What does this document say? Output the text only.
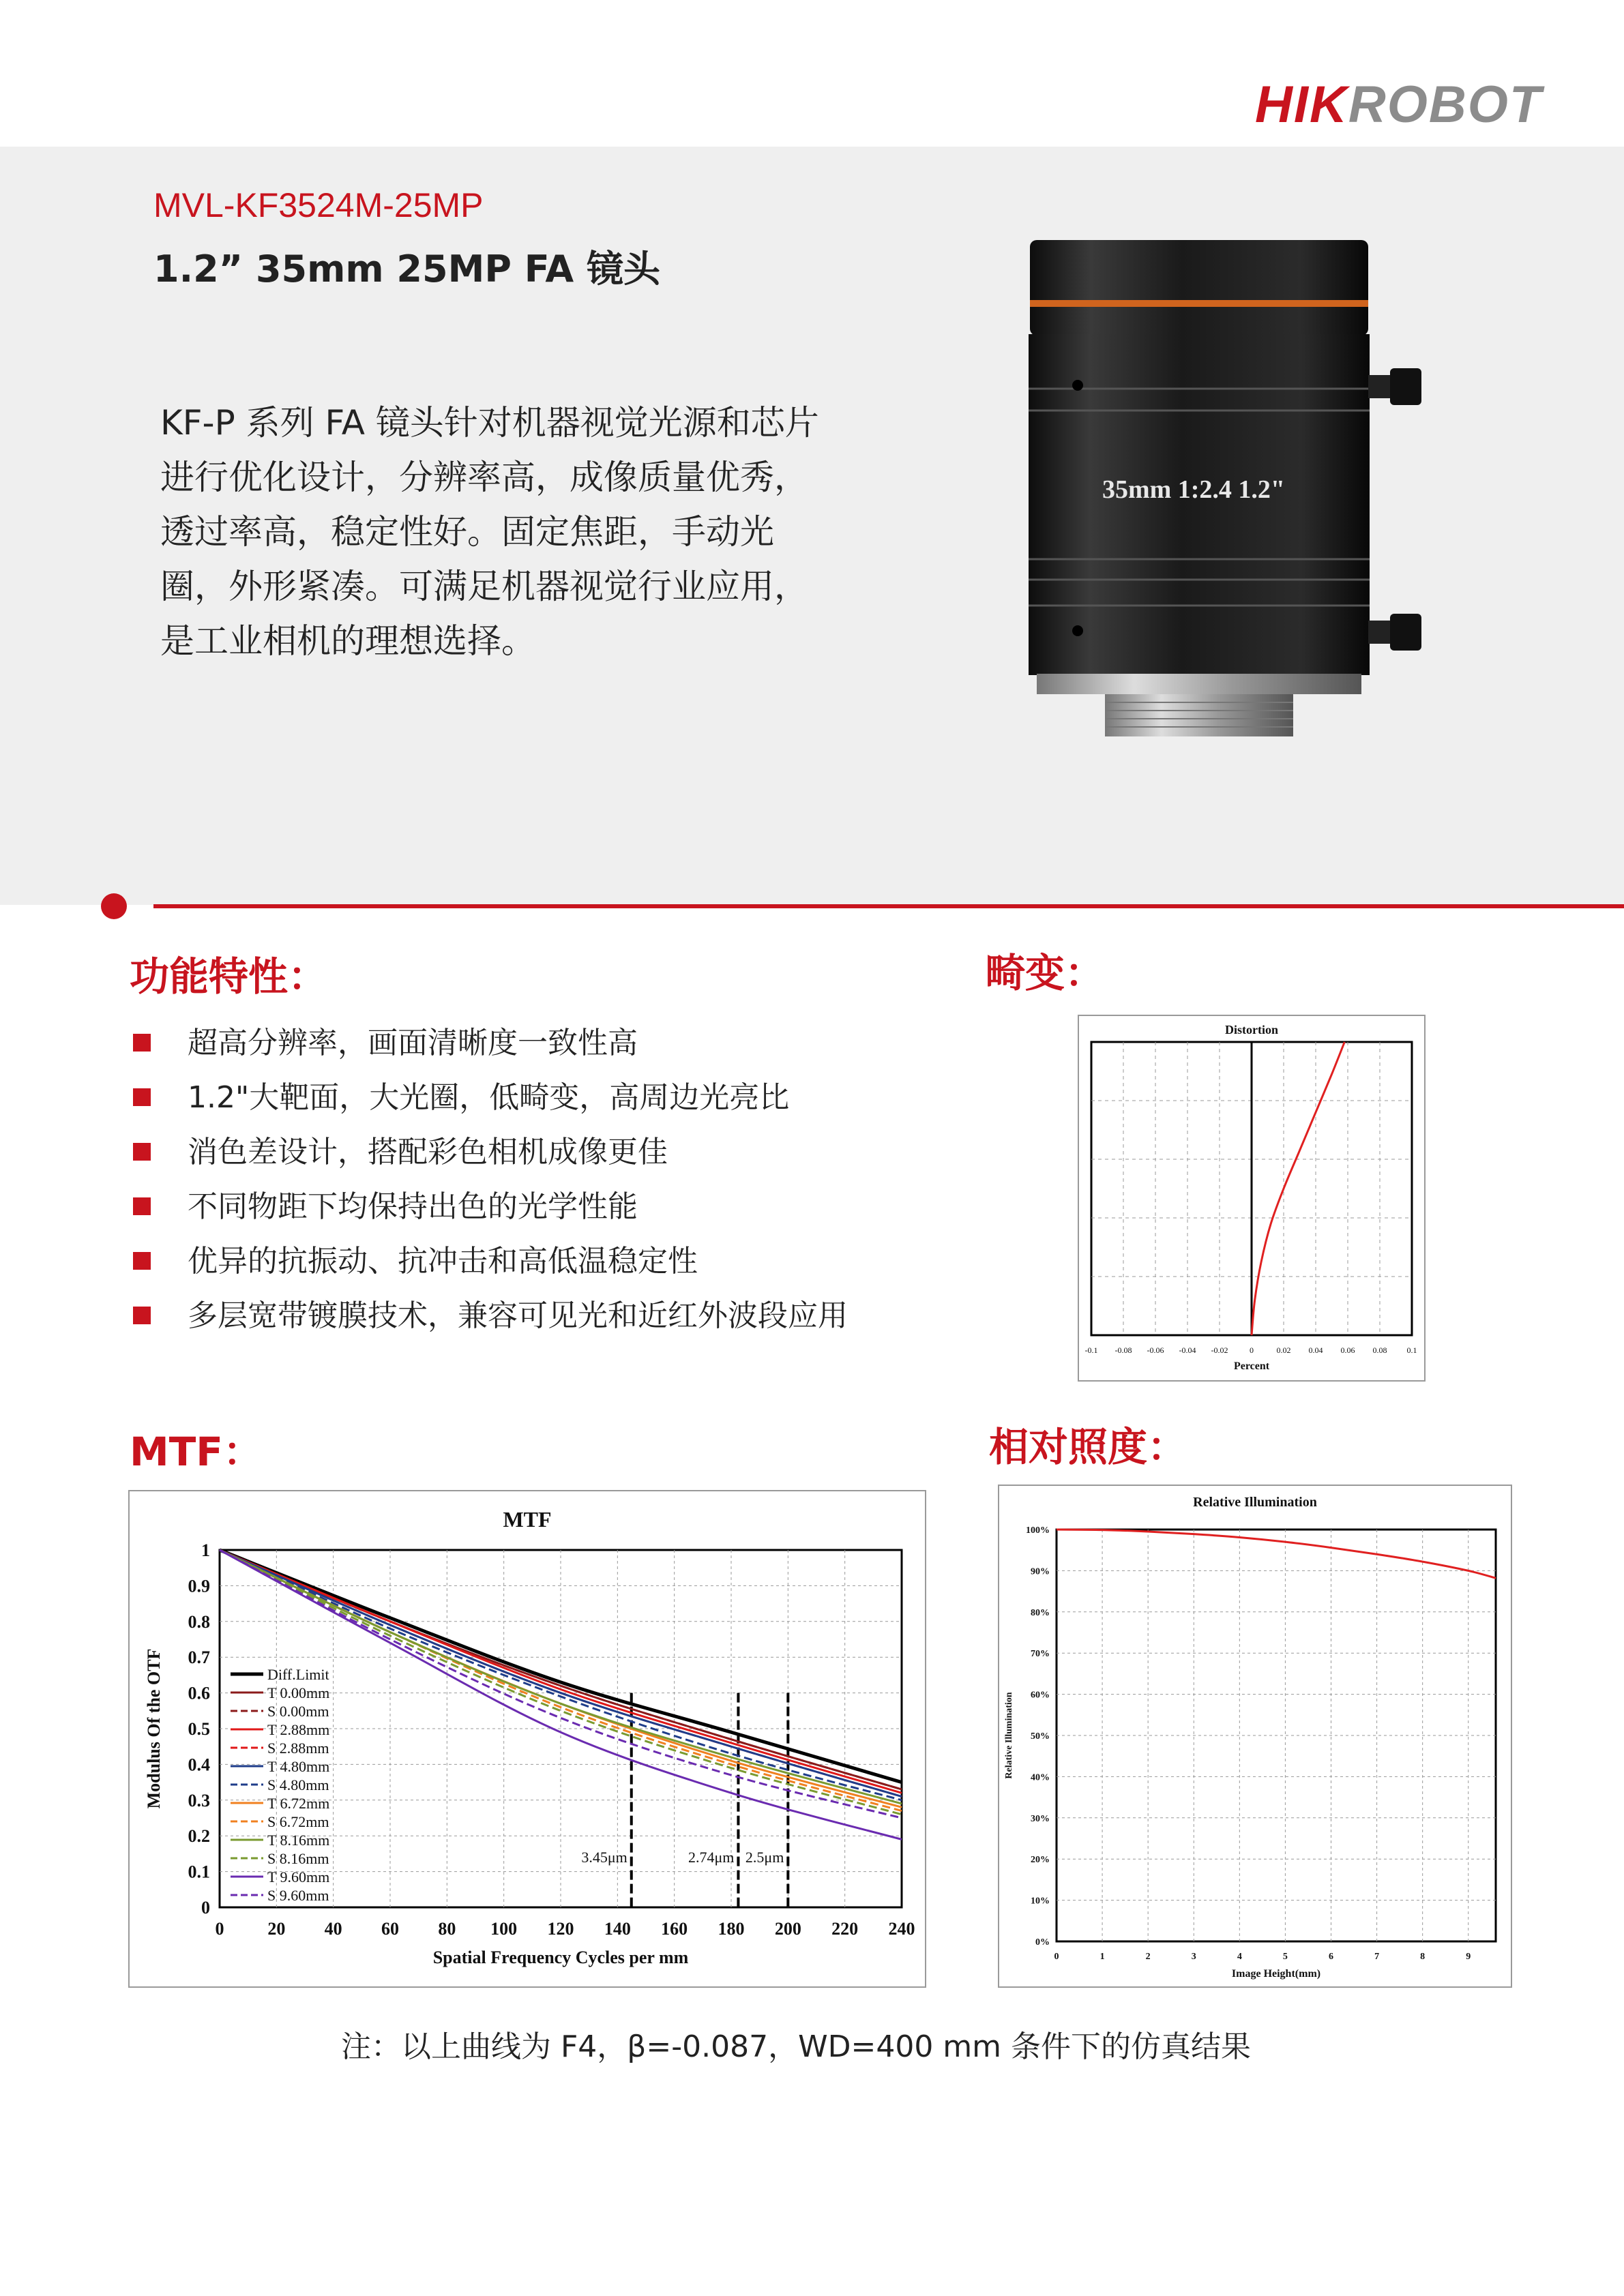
HIKROBOT
MVL-KF3524M-25MP
1.2” 35mm 25MP FA 镜头
KF-P 系列 FA 镜头针对机器视觉光源和芯片进行优化设计，分辨率高，成像质量优秀，透过率高，稳定性好。固定焦距，手动光圈，外形紧凑。可满足机器视觉行业应用，是工业相机的理想选择。
35mm 1:2.4 1.2"
功能特性：	畸变：
MTF：	相对照度：
超高分辨率，画面清晰度一致性高
1.2"大靶面，大光圈，低畸变，高周边光亮比
消色差设计，搭配彩色相机成像更佳
不同物距下均保持出色的光学性能
优异的抗振动、抗冲击和高低温稳定性
多层宽带镀膜技术，兼容可见光和近红外波段应用
Distortion
-0.1 -0.08 -0.06 -0.04 -0.02	0	0.02 0.04 0.06 0.08 0.1
Percent
MTF
0 20 40 60 80 100 120 140 160 180 200 220 240
0
0.1
0.2
0.3
0.4
0.5
0.6
0.7
0.8
0.9
1
Spatial Frequency Cycles per mm
Modulus Of the OTF
3.45μm	2.74μm 2.5μm
Diff.Limit
T 0.00mm
S 0.00mm
T 2.88mm
S 2.88mm
T 4.80mm
S 4.80mm
T 6.72mm
S 6.72mm
T 8.16mm
S 8.16mm
T 9.60mm
S 9.60mm
Relative Illumination
0	1	2	3	4	5	6	7	8	9
0%
10%
20%
30%
40%
50%
60%
70%
80%
90%
100%
Image Height(mm)
Relative Illumination
注：以上曲线为 F4，β=-0.087，WD=400 mm 条件下的仿真结果
